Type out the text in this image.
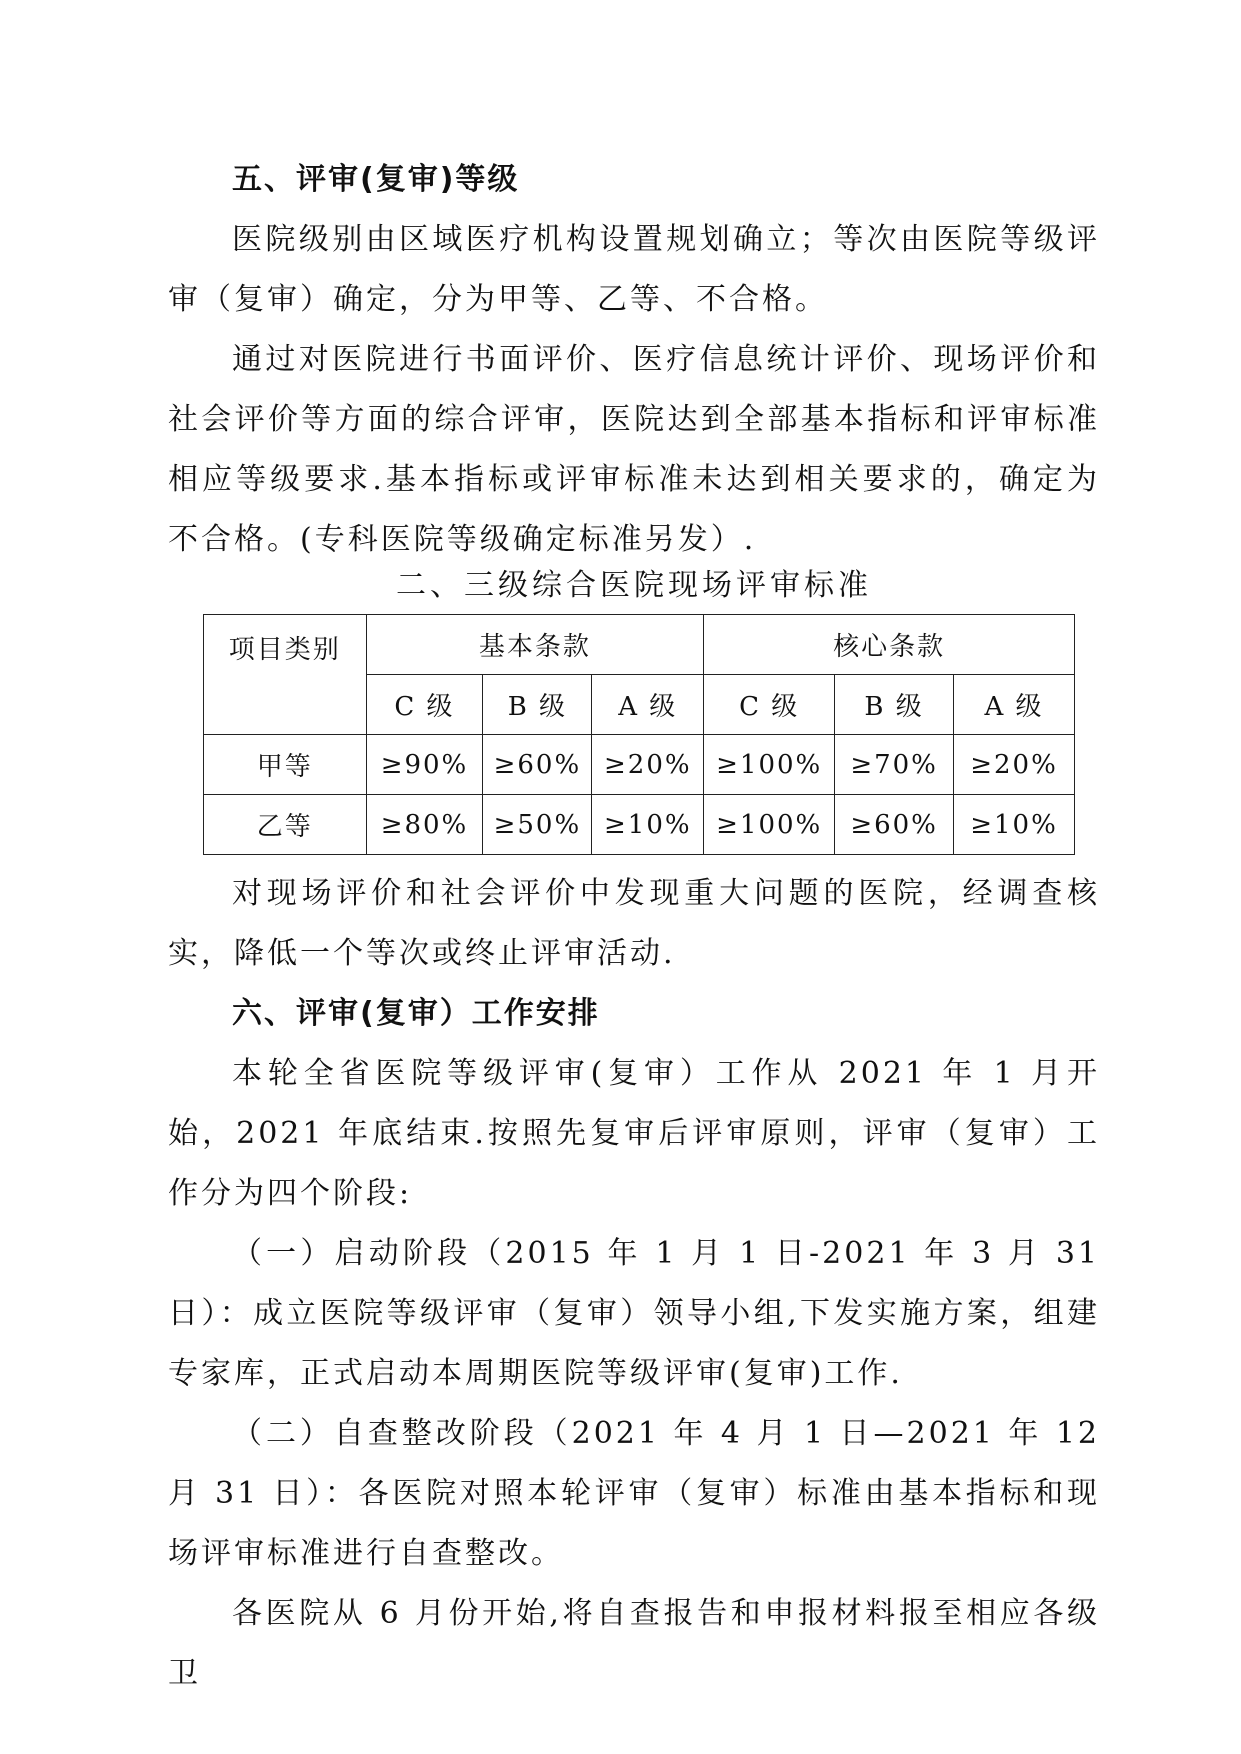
五、评审(复审)等级

医院级别由区域医疗机构设置规划确立；等次由医院等级评审（复审）确定，分为甲等、乙等、不合格。

通过对医院进行书面评价、医疗信息统计评价、现场评价和社会评价等方面的综合评审，医院达到全部基本指标和评审标准相应等级要求.基本指标或评审标准未达到相关要求的，确定为不合格。(专科医院等级确定标准另发）.

二、三级综合医院现场评审标准
项目类别	基本条款			核心条款		
	C 级	B 级	A 级	C 级	B 级	A 级
甲等	≥90%	≥60%	≥20%	≥100%	≥70%	≥20%
乙等	≥80%	≥50%	≥10%	≥100%	≥60%	≥10%

对现场评价和社会评价中发现重大问题的医院，经调查核实，降低一个等次或终止评审活动.

六、评审(复审）工作安排

本轮全省医院等级评审(复审）工作从 2021 年 1 月开始，2021 年底结束.按照先复审后评审原则，评审（复审）工作分为四个阶段:

（一）启动阶段（2015 年 1 月 1 日-2021 年 3 月 31 日）：成立医院等级评审（复审）领导小组,下发实施方案，组建专家库，正式启动本周期医院等级评审(复审)工作.

（二）自查整改阶段（2021 年 4 月 1 日—2021 年 12 月 31 日）：各医院对照本轮评审（复审）标准由基本指标和现场评审标准进行自查整改。

各医院从 6 月份开始,将自查报告和申报材料报至相应各级卫
